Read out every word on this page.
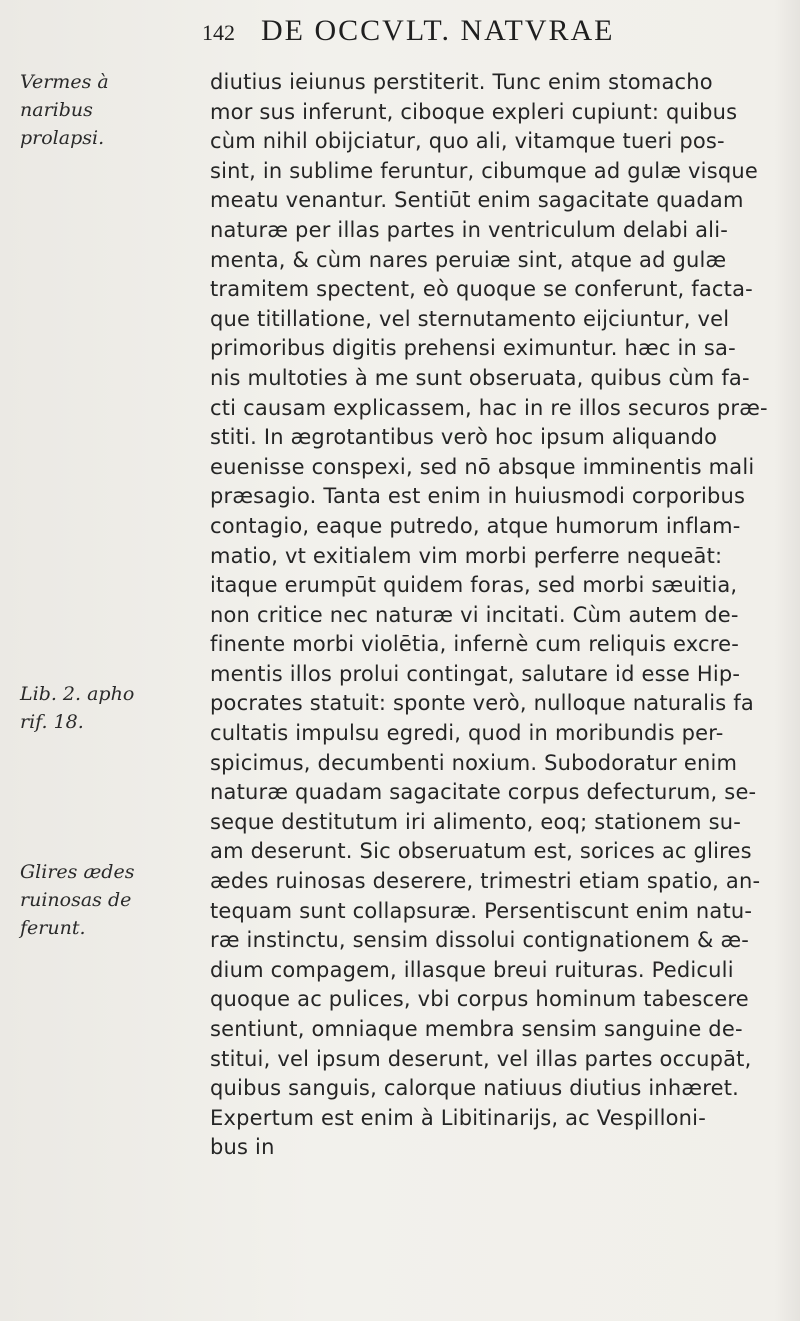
142 DE OCCVLT. NATVRAE
Vermes à
naribus
prolapsi.
Lib. 2. apho
rif. 18.
Glires ædes
ruinosas de
ferunt.
diutius ieiunus perstiterit. Tunc enim stomacho
mor sus inferunt, ciboque expleri cupiunt: quibus
cùm nihil obijciatur, quo ali, vitamque tueri pos-
sint, in sublime feruntur, cibumque ad gulæ visque
meatu venantur. Sentiūt enim sagacitate quadam
naturæ per illas partes in ventriculum delabi ali-
menta, & cùm nares peruiæ sint, atque ad gulæ
tramitem spectent, eò quoque se conferunt, facta-
que titillatione, vel sternutamento eijciuntur, vel
primoribus digitis prehensi eximuntur. hæc in sa-
nis multoties à me sunt obseruata, quibus cùm fa-
cti causam explicassem, hac in re illos securos præ-
stiti. In ægrotantibus verò hoc ipsum aliquando
euenisse conspexi, sed nō absque imminentis mali
præsagio. Tanta est enim in huiusmodi corporibus
contagio, eaque putredo, atque humorum inflam-
matio, vt exitialem vim morbi perferre nequeāt:
itaque erumpūt quidem foras, sed morbi sæuitia,
non critice nec naturæ vi incitati. Cùm autem de-
finente morbi violētia, infernè cum reliquis excre-
mentis illos prolui contingat, salutare id esse Hip-
pocrates statuit: sponte verò, nulloque naturalis fa
cultatis impulsu egredi, quod in moribundis per-
spicimus, decumbenti noxium. Subodoratur enim
naturæ quadam sagacitate corpus defecturum, se-
seque destitutum iri alimento, eoq; stationem su-
am deserunt. Sic obseruatum est, sorices ac glires
ædes ruinosas deserere, trimestri etiam spatio, an-
tequam sunt collapsuræ. Persentiscunt enim natu-
ræ instinctu, sensim dissolui contignationem & æ-
dium compagem, illasque breui ruituras. Pediculi
quoque ac pulices, vbi corpus hominum tabescere
sentiunt, omniaque membra sensim sanguine de-
stitui, vel ipsum deserunt, vel illas partes occupāt,
quibus sanguis, calorque natiuus diutius inhæret.
Expertum est enim à Libitinarijs, ac Vespilloni-
bus in
